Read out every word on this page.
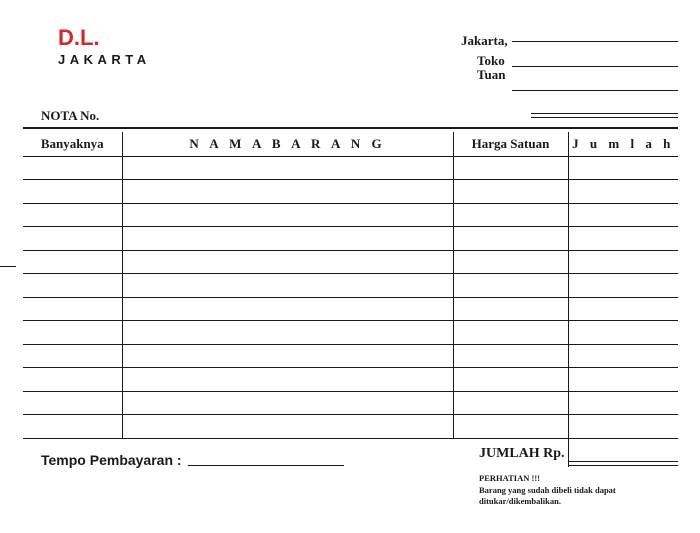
D.L.
JAKARTA
Jakarta,
Toko
Tuan
NOTA No.
Banyaknya	N A M A B A R A N G	Harga Satuan	J u m l a h

Tempo Pembayaran :	JUMLAH Rp.
PERHATIAN !!!
Barang yang sudah dibeli tidak dapat ditukar/dikembalikan.
